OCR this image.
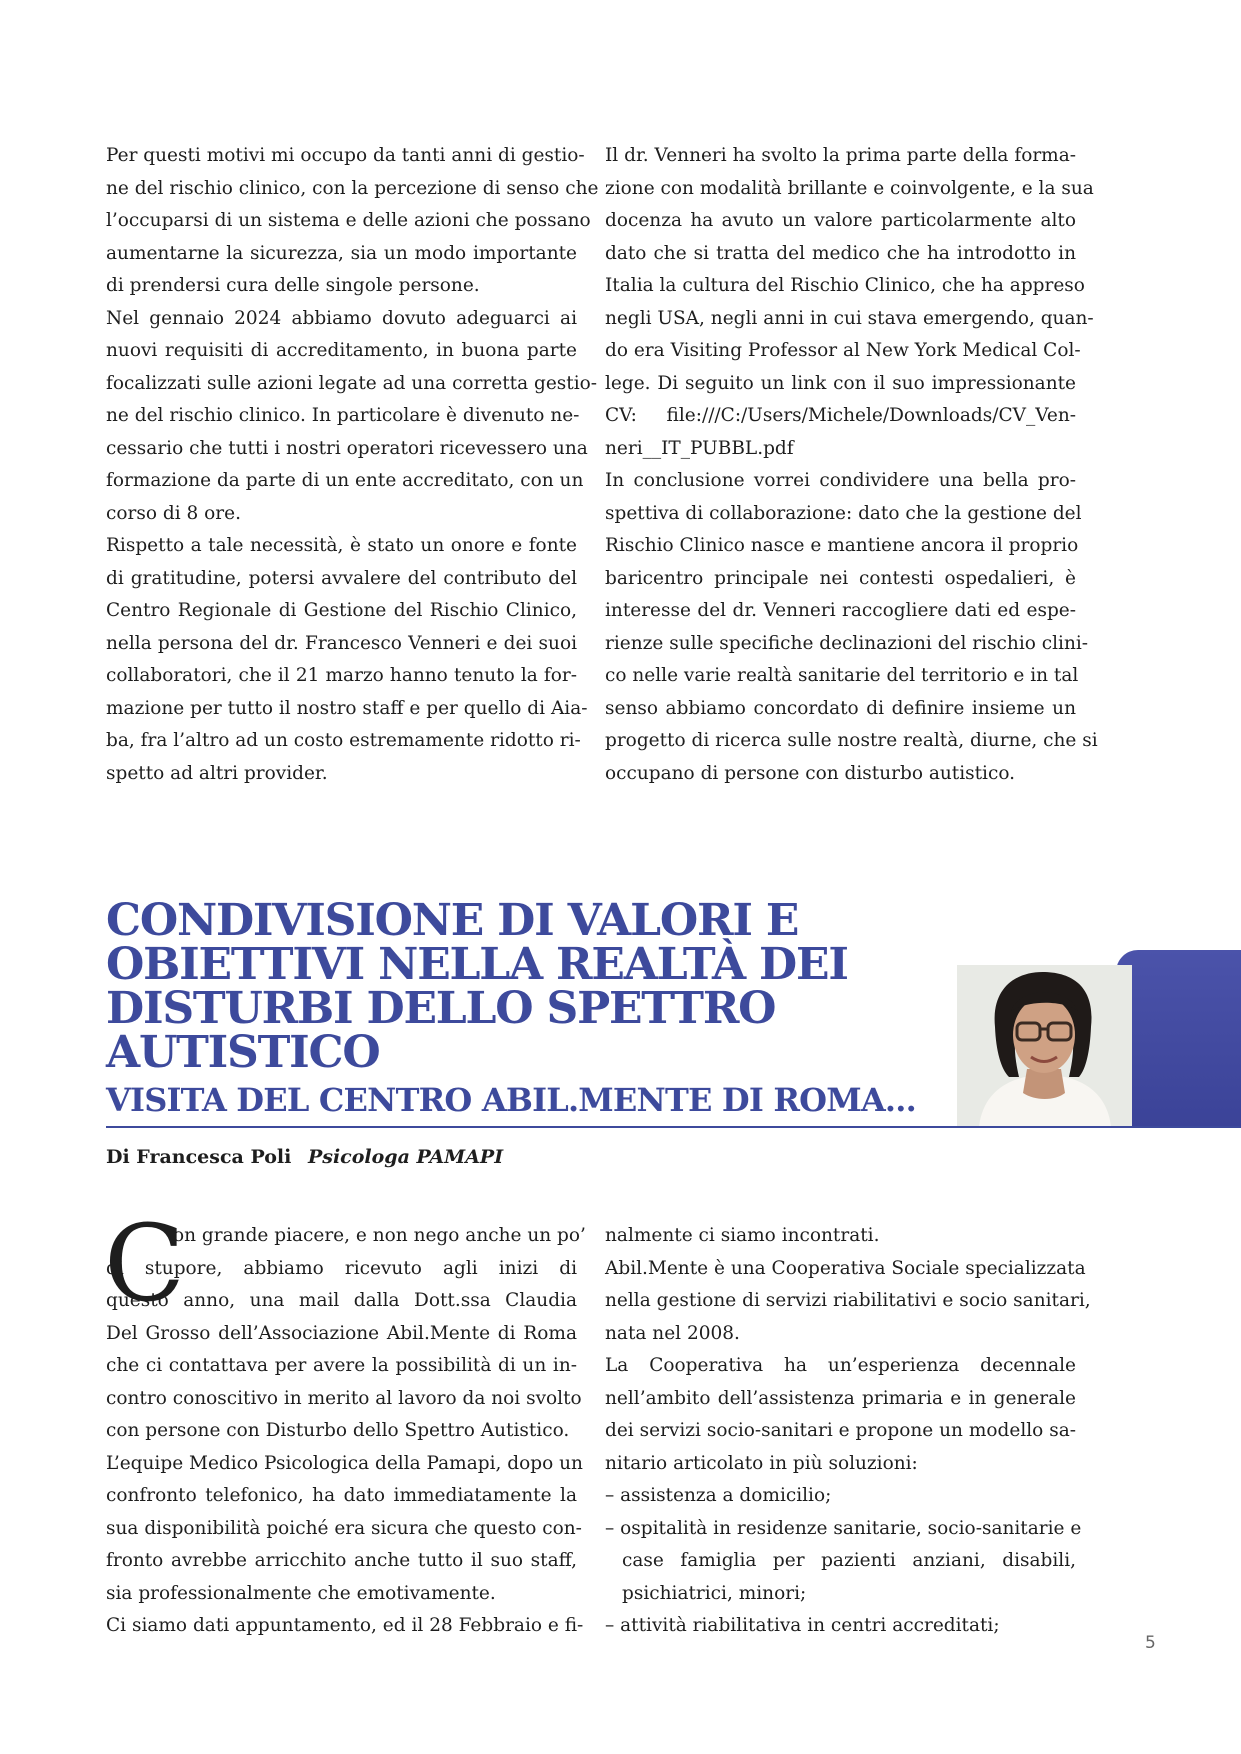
Per questi motivi mi occupo da tanti anni di gestio-
ne del rischio clinico, con la percezione di senso che
l’occuparsi di un sistema e delle azioni che possano
aumentarne la sicurezza, sia un modo importante
di prendersi cura delle singole persone.

Nel gennaio 2024 abbiamo dovuto adeguarci ai
nuovi requisiti di accreditamento, in buona parte
focalizzati sulle azioni legate ad una corretta gestio-
ne del rischio clinico. In particolare è divenuto ne-
cessario che tutti i nostri operatori ricevessero una
formazione da parte di un ente accreditato, con un
corso di 8 ore.

Rispetto a tale necessità, è stato un onore e fonte
di gratitudine, potersi avvalere del contributo del
Centro Regionale di Gestione del Rischio Clinico,
nella persona del dr. Francesco Venneri e dei suoi
collaboratori, che il 21 marzo hanno tenuto la for-
mazione per tutto il nostro staff e per quello di Aia-
ba, fra l’altro ad un costo estremamente ridotto ri-
spetto ad altri provider.

Il dr. Venneri ha svolto la prima parte della forma-
zione con modalità brillante e coinvolgente, e la sua
docenza ha avuto un valore particolarmente alto
dato che si tratta del medico che ha introdotto in
Italia la cultura del Rischio Clinico, che ha appreso
negli USA, negli anni in cui stava emergendo, quan-
do era Visiting Professor al New York Medical Col-
lege. Di seguito un link con il suo impressionante
CV: file:///C:/Users/Michele/Downloads/CV_Ven-
neri__IT_PUBBL.pdf

In conclusione vorrei condividere una bella pro-
spettiva di collaborazione: dato che la gestione del
Rischio Clinico nasce e mantiene ancora il proprio
baricentro principale nei contesti ospedalieri, è
interesse del dr. Venneri raccogliere dati ed espe-
rienze sulle specifiche declinazioni del rischio clini-
co nelle varie realtà sanitarie del territorio e in tal
senso abbiamo concordato di definire insieme un
progetto di ricerca sulle nostre realtà, diurne, che si
occupano di persone con disturbo autistico.

CONDIVISIONE DI VALORI E
OBIETTIVI NELLA REALTÀ DEI
DISTURBI DELLO SPETTRO
AUTISTICO
VISITA DEL CENTRO ABIL.MENTE DI ROMA...
Di Francesca Poli Psicologa PAMAPI
C

on grande piacere, e non nego anche un po’
di stupore, abbiamo ricevuto agli inizi di
questo anno, una mail dalla Dott.ssa Claudia
Del Grosso dell’Associazione Abil.Mente di Roma
che ci contattava per avere la possibilità di un in-
contro conoscitivo in merito al lavoro da noi svolto
con persone con Disturbo dello Spettro Autistico.

L’equipe Medico Psicologica della Pamapi, dopo un
confronto telefonico, ha dato immediatamente la
sua disponibilità poiché era sicura che questo con-
fronto avrebbe arricchito anche tutto il suo staff,
sia professionalmente che emotivamente.

Ci siamo dati appuntamento, ed il 28 Febbraio e fi-

nalmente ci siamo incontrati.

Abil.Mente è una Cooperativa Sociale specializzata
nella gestione di servizi riabilitativi e socio sanitari,
nata nel 2008.

La Cooperativa ha un’esperienza decennale
nell’ambito dell’assistenza primaria e in generale
dei servizi socio-sanitari e propone un modello sa-
nitario articolato in più soluzioni:

– assistenza a domicilio;

– ospitalità in residenze sanitarie, socio-sanitarie e
case famiglia per pazienti anziani, disabili,
psichiatrici, minori;

– attività riabilitativa in centri accreditati;

5
